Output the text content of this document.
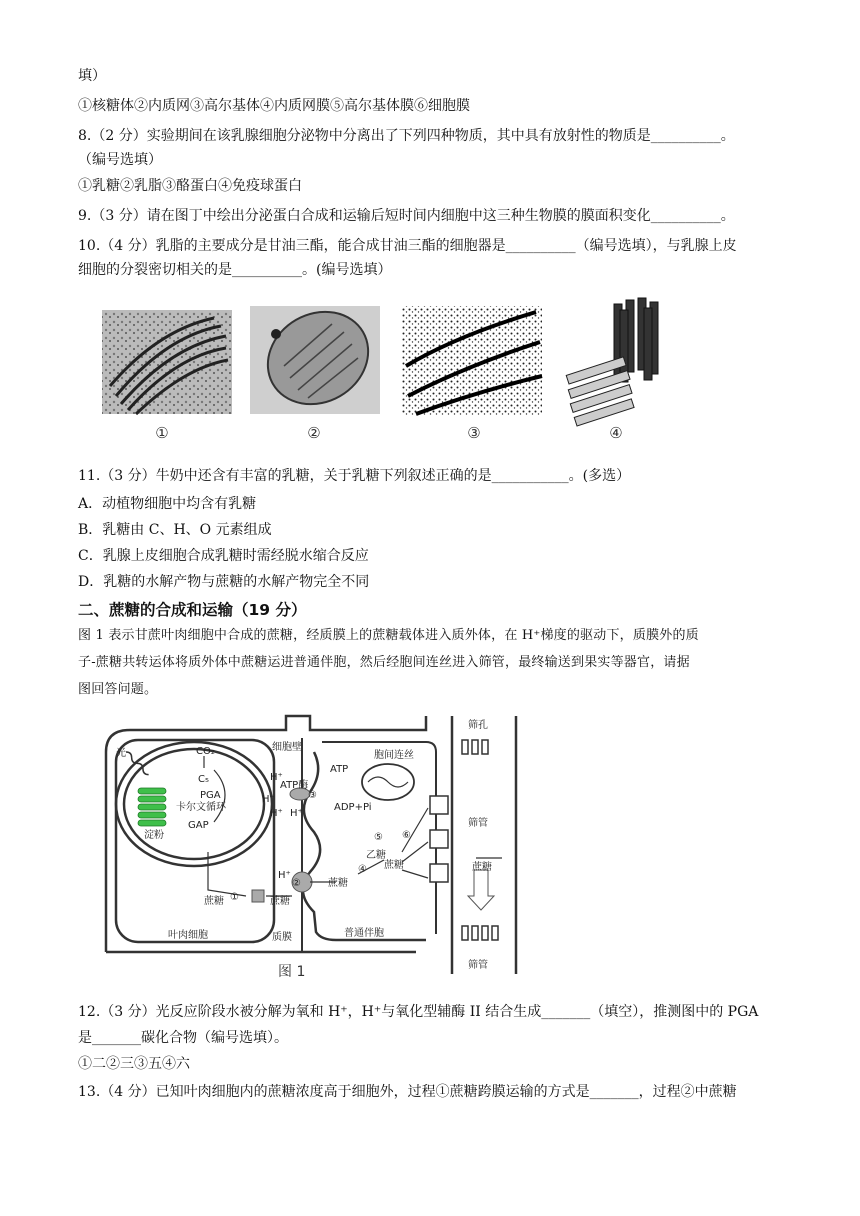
填）
①核糖体②内质网③高尔基体④内质网膜⑤高尔基体膜⑥细胞膜
8.（2 分）实验期间在该乳腺细胞分泌物中分离出了下列四种物质，其中具有放射性的物质是__________。
（编号选填）
①乳糖②乳脂③酪蛋白④免疫球蛋白
9.（3 分）请在图丁中绘出分泌蛋白合成和运输后短时间内细胞中这三种生物膜的膜面积变化__________。
10.（4 分）乳脂的主要成分是甘油三酯，能合成甘油三酯的细胞器是__________（编号选填），与乳腺上皮
细胞的分裂密切相关的是__________。(编号选填）
①	②	③	④
11.（3 分）牛奶中还含有丰富的乳糖，关于乳糖下列叙述正确的是___________。(多选）
A．动植物细胞中均含有乳糖
B．乳糖由 C、H、O 元素组成
C．乳腺上皮细胞合成乳糖时需经脱水缩合反应
D．乳糖的水解产物与蔗糖的水解产物完全不同
二、蔗糖的合成和运输（19 分）
图 1 表示甘蔗叶肉细胞中合成的蔗糖，经质膜上的蔗糖载体进入质外体，在 H⁺梯度的驱动下，质膜外的质
子-蔗糖共转运体将质外体中蔗糖运进普通伴胞，然后经胞间连丝进入筛管，最终输送到果实等器官，请据
图回答问题。
光	CO₂
C₅
PGA
卡尔文循环
GAP
淀粉
蔗糖 ①	蔗糖
②
H⁺
蔗糖
叶肉细胞
细胞壁
H⁺
ATP酶
H⁺
H⁺ H⁺
③
ATP
ADP+Pi
胞间连丝
筛孔
筛管
⑤ ⑥
乙糖
④ 蔗糖	蔗糖
质膜	普通伴胞
筛管
图 1
12.（3 分）光反应阶段水被分解为氧和 H⁺，H⁺与氧化型辅酶 II 结合生成_______（填空），推测图中的 PGA
是_______碳化合物（编号选填）。
①二②三③五④六
13.（4 分）已知叶肉细胞内的蔗糖浓度高于细胞外，过程①蔗糖跨膜运输的方式是_______，过程②中蔗糖
